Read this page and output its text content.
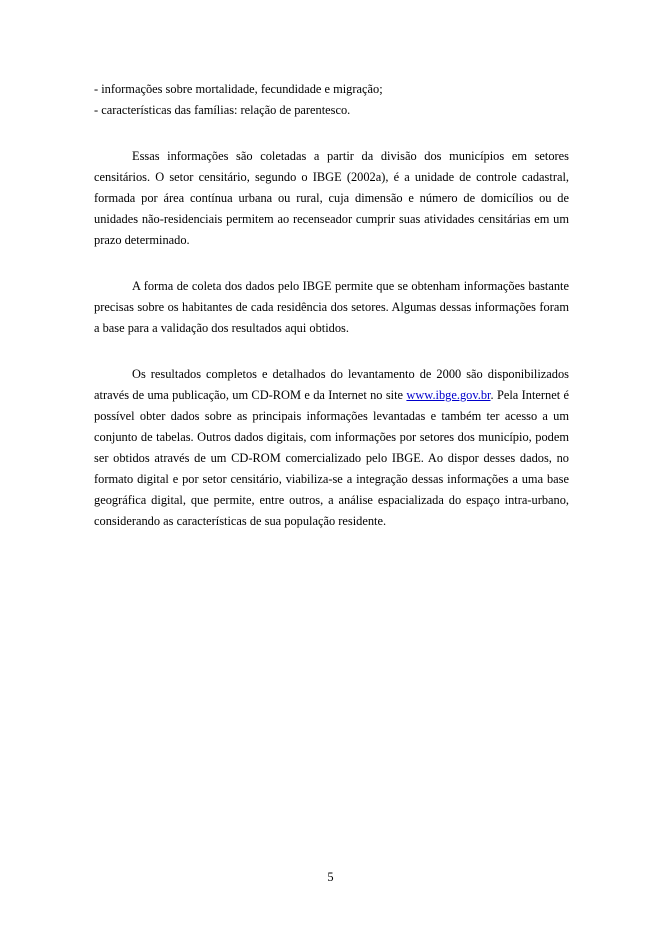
- informações sobre mortalidade, fecundidade e migração;

- características das famílias: relação de parentesco.

Essas informações são coletadas a partir da divisão dos municípios em setores censitários. O setor censitário, segundo o IBGE (2002a), é a unidade de controle cadastral, formada por área contínua urbana ou rural, cuja dimensão e número de domicílios ou de unidades não-residenciais permitem ao recenseador cumprir suas atividades censitárias em um prazo determinado.

A forma de coleta dos dados pelo IBGE permite que se obtenham informações bastante precisas sobre os habitantes de cada residência dos setores. Algumas dessas informações foram a base para a validação dos resultados aqui obtidos.

Os resultados completos e detalhados do levantamento de 2000 são disponibilizados através de uma publicação, um CD-ROM e da Internet no site www.ibge.gov.br. Pela Internet é possível obter dados sobre as principais informações levantadas e também ter acesso a um conjunto de tabelas. Outros dados digitais, com informações por setores dos município, podem ser obtidos através de um CD-ROM comercializado pelo IBGE. Ao dispor desses dados, no formato digital e por setor censitário, viabiliza-se a integração dessas informações a uma base geográfica digital, que permite, entre outros, a análise espacializada do espaço intra-urbano, considerando as características de sua população residente.

5
